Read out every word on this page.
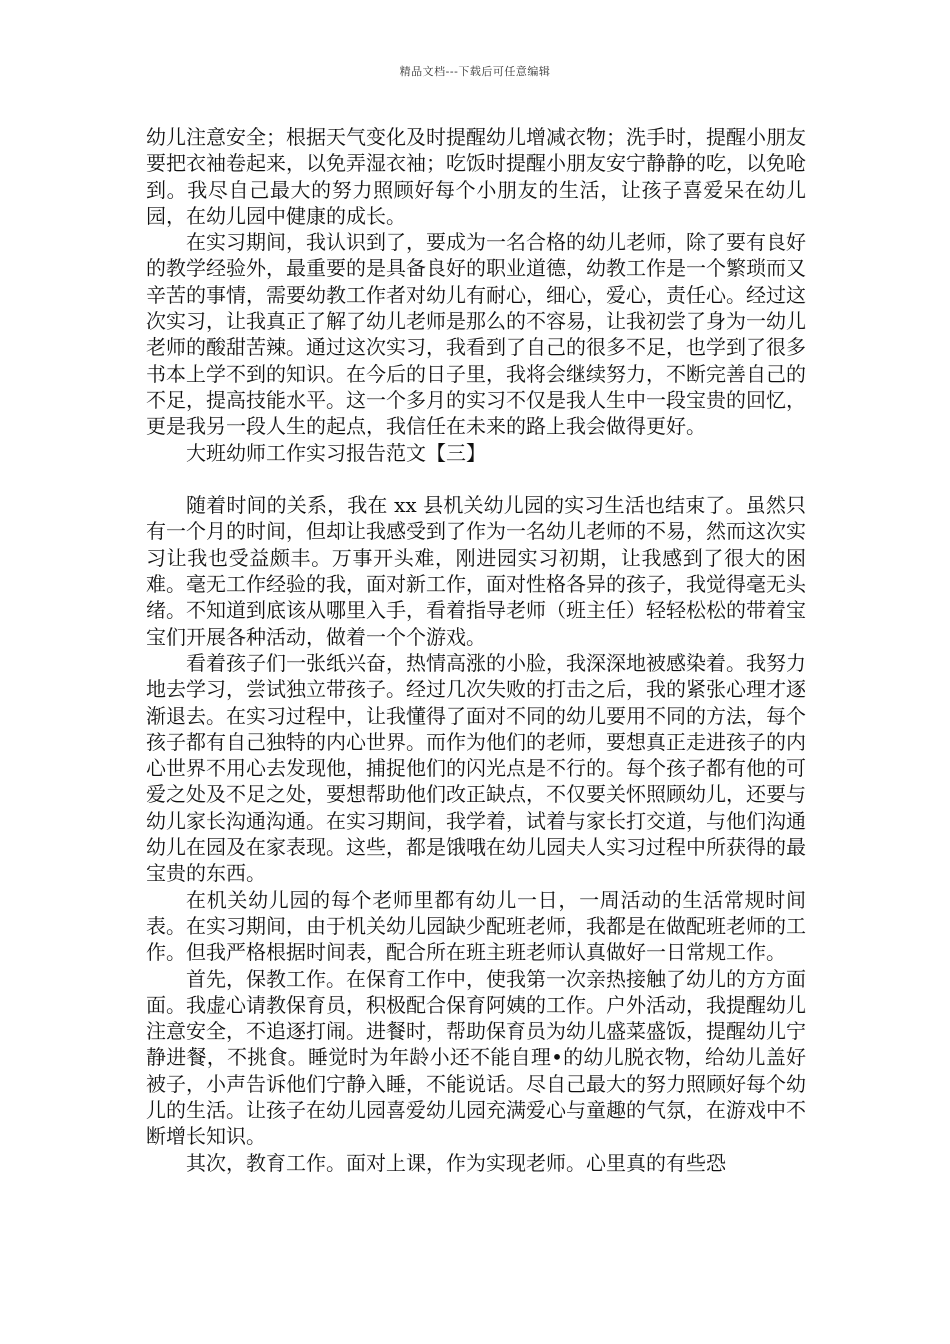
精品文档---下载后可任意编辑

幼儿注意安全；根据天气变化及时提醒幼儿增减衣物；洗手时，提醒小朋友要把衣袖卷起来，以免弄湿衣袖；吃饭时提醒小朋友安宁静静的吃，以免呛到。我尽自己最大的努力照顾好每个小朋友的生活，让孩子喜爱呆在幼儿园，在幼儿园中健康的成长。

在实习期间，我认识到了，要成为一名合格的幼儿老师，除了要有良好的教学经验外，最重要的是具备良好的职业道德，幼教工作是一个繁琐而又辛苦的事情，需要幼教工作者对幼儿有耐心，细心，爱心，责任心。经过这次实习，让我真正了解了幼儿老师是那么的不容易，让我初尝了身为一幼儿老师的酸甜苦辣。通过这次实习，我看到了自己的很多不足，也学到了很多书本上学不到的知识。在今后的日子里，我将会继续努力，不断完善自己的不足，提高技能水平。这一个多月的实习不仅是我人生中一段宝贵的回忆，更是我另一段人生的起点，我信任在未来的路上我会做得更好。

大班幼师工作实习报告范文【三】

随着时间的关系，我在 xx 县机关幼儿园的实习生活也结束了。虽然只有一个月的时间，但却让我感受到了作为一名幼儿老师的不易，然而这次实习让我也受益颇丰。万事开头难，刚进园实习初期，让我感到了很大的困难。毫无工作经验的我，面对新工作，面对性格各异的孩子，我觉得毫无头绪。不知道到底该从哪里入手，看着指导老师（班主任）轻轻松松的带着宝宝们开展各种活动，做着一个个游戏。

看着孩子们一张纸兴奋，热情高涨的小脸，我深深地被感染着。我努力地去学习，尝试独立带孩子。经过几次失败的打击之后，我的紧张心理才逐渐退去。在实习过程中，让我懂得了面对不同的幼儿要用不同的方法，每个孩子都有自己独特的内心世界。而作为他们的老师，要想真正走进孩子的内心世界不用心去发现他，捕捉他们的闪光点是不行的。每个孩子都有他的可爱之处及不足之处，要想帮助他们改正缺点，不仅要关怀照顾幼儿，还要与幼儿家长沟通沟通。在实习期间，我学着，试着与家长打交道，与他们沟通幼儿在园及在家表现。这些，都是饿哦在幼儿园夫人实习过程中所获得的最宝贵的东西。

在机关幼儿园的每个老师里都有幼儿一日，一周活动的生活常规时间表。在实习期间，由于机关幼儿园缺少配班老师，我都是在做配班老师的工作。但我严格根据时间表，配合所在班主班老师认真做好一日常规工作。

首先，保教工作。在保育工作中，使我第一次亲热接触了幼儿的方方面面。我虚心请教保育员，积极配合保育阿姨的工作。户外活动，我提醒幼儿注意安全，不追逐打闹。进餐时，帮助保育员为幼儿盛菜盛饭，提醒幼儿宁静进餐，不挑食。睡觉时为年龄小还不能自理•的幼儿脱衣物，给幼儿盖好被子，小声告诉他们宁静入睡，不能说话。尽自己最大的努力照顾好每个幼儿的生活。让孩子在幼儿园喜爱幼儿园充满爱心与童趣的气氛，在游戏中不断增长知识。

其次，教育工作。面对上课，作为实现老师。心里真的有些恐
